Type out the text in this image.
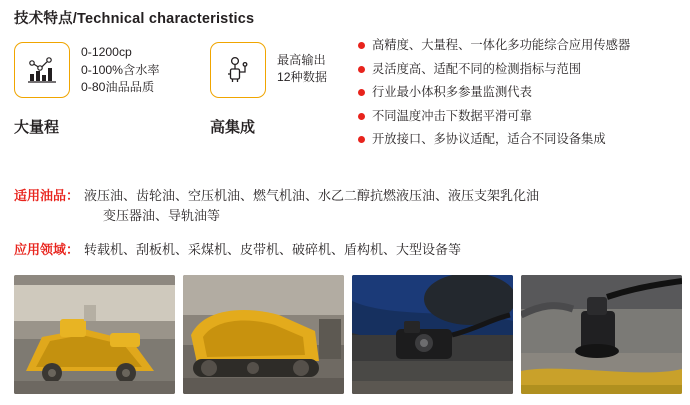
技术特点/Technical characteristics
0-1200cp
0-100%含水率
0-80油品品质
最高输出
12种数据
大量程	高集成
高精度、大量程、一体化多功能综合应用传感器
灵活度高、适配不同的检测指标与范围
行业最小体积多参量监测代表
不同温度冲击下数据平滑可靠
开放接口、多协议适配，适合不同设备集成
适用油品： 液压油、齿轮油、空压机油、燃气机油、水乙二醇抗燃液压油、液压支架乳化油
变压器油、导轨油等
应用领域： 转载机、刮板机、采煤机、皮带机、破碎机、盾构机、大型设备等
